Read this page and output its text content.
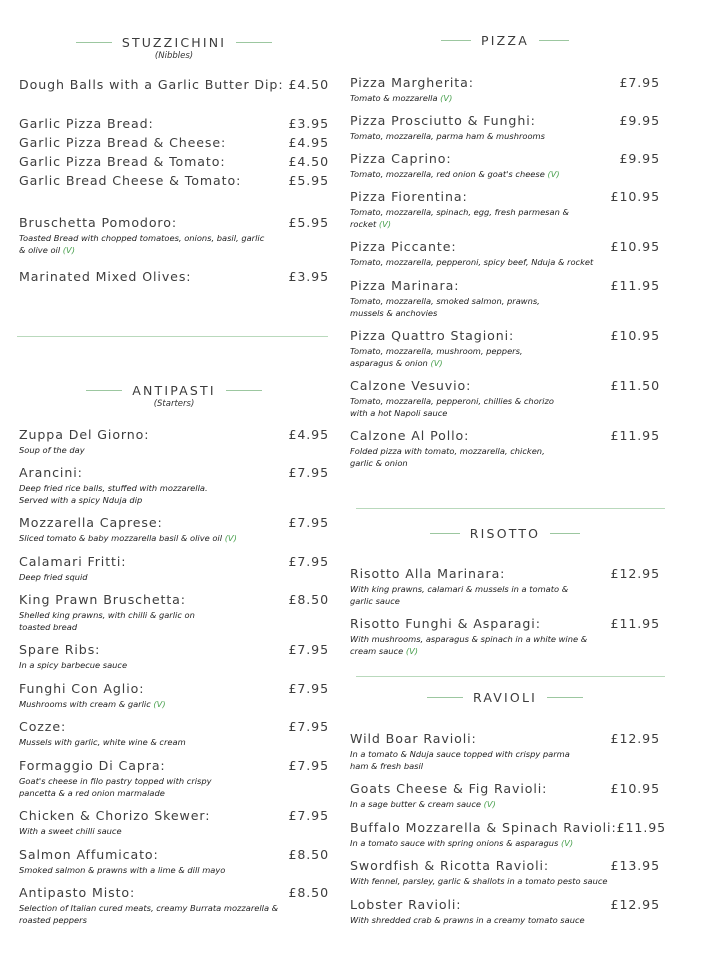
STUZZICHINI
(Nibbles)
Dough Balls with a Garlic Butter Dip: £4.50
Garlic Pizza Bread:	£3.95
Garlic Pizza Bread & Cheese:	£4.95
Garlic Pizza Bread & Tomato:	£4.50
Garlic Bread Cheese & Tomato:	£5.95
Bruschetta Pomodoro:	£5.95
Toasted Bread with chopped tomatoes, onions, basil, garlic & olive oil (V)
Marinated Mixed Olives:	£3.95
ANTIPASTI
(Starters)
Zuppa Del Giorno:	£4.95
Soup of the day
Arancini:	£7.95
Deep fried rice balls, stuffed with mozzarella. Served with a spicy Nduja dip
Mozzarella Caprese:	£7.95
Sliced tomato & baby mozzarella basil & olive oil (V)
Calamari Fritti:	£7.95
Deep fried squid
King Prawn Bruschetta:	£8.50
Shelled king prawns, with chilli & garlic on toasted bread
Spare Ribs:	£7.95
In a spicy barbecue sauce
Funghi Con Aglio:	£7.95
Mushrooms with cream & garlic (V)
Cozze:	£7.95
Mussels with garlic, white wine & cream
Formaggio Di Capra:	£7.95
Goat's cheese in filo pastry topped with crispy pancetta & a red onion marmalade
Chicken & Chorizo Skewer:	£7.95
With a sweet chilli sauce
Salmon Affumicato:	£8.50
Smoked salmon & prawns with a lime & dill mayo
Antipasto Misto:	£8.50
Selection of Italian cured meats, creamy Burrata mozzarella & roasted peppers
PIZZA
Pizza Margherita:	£7.95
Tomato & mozzarella (V)
Pizza Prosciutto & Funghi:	£9.95
Tomato, mozzarella, parma ham & mushrooms
Pizza Caprino:	£9.95
Tomato, mozzarella, red onion & goat's cheese (V)
Pizza Fiorentina:	£10.95
Tomato, mozzarella, spinach, egg, fresh parmesan & rocket (V)
Pizza Piccante:	£10.95
Tomato, mozzarella, pepperoni, spicy beef, Nduja & rocket
Pizza Marinara:	£11.95
Tomato, mozzarella, smoked salmon, prawns, mussels & anchovies
Pizza Quattro Stagioni:	£10.95
Tomato, mozzarella, mushroom, peppers, asparagus & onion (V)
Calzone Vesuvio:	£11.50
Tomato, mozzarella, pepperoni, chillies & chorizo with a hot Napoli sauce
Calzone Al Pollo:	£11.95
Folded pizza with tomato, mozzarella, chicken, garlic & onion
RISOTTO
Risotto Alla Marinara:	£12.95
With king prawns, calamari & mussels in a tomato & garlic sauce
Risotto Funghi & Asparagi:	£11.95
With mushrooms, asparagus & spinach in a white wine & cream sauce (V)
RAVIOLI
Wild Boar Ravioli:	£12.95
In a tomato & Nduja sauce topped with crispy parma ham & fresh basil
Goats Cheese & Fig Ravioli:	£10.95
In a sage butter & cream sauce (V)
Buffalo Mozzarella & Spinach Ravioli: £11.95
In a tomato sauce with spring onions & asparagus (V)
Swordfish & Ricotta Ravioli:	£13.95
With fennel, parsley, garlic & shallots in a tomato pesto sauce
Lobster Ravioli:	£12.95
With shredded crab & prawns in a creamy tomato sauce
